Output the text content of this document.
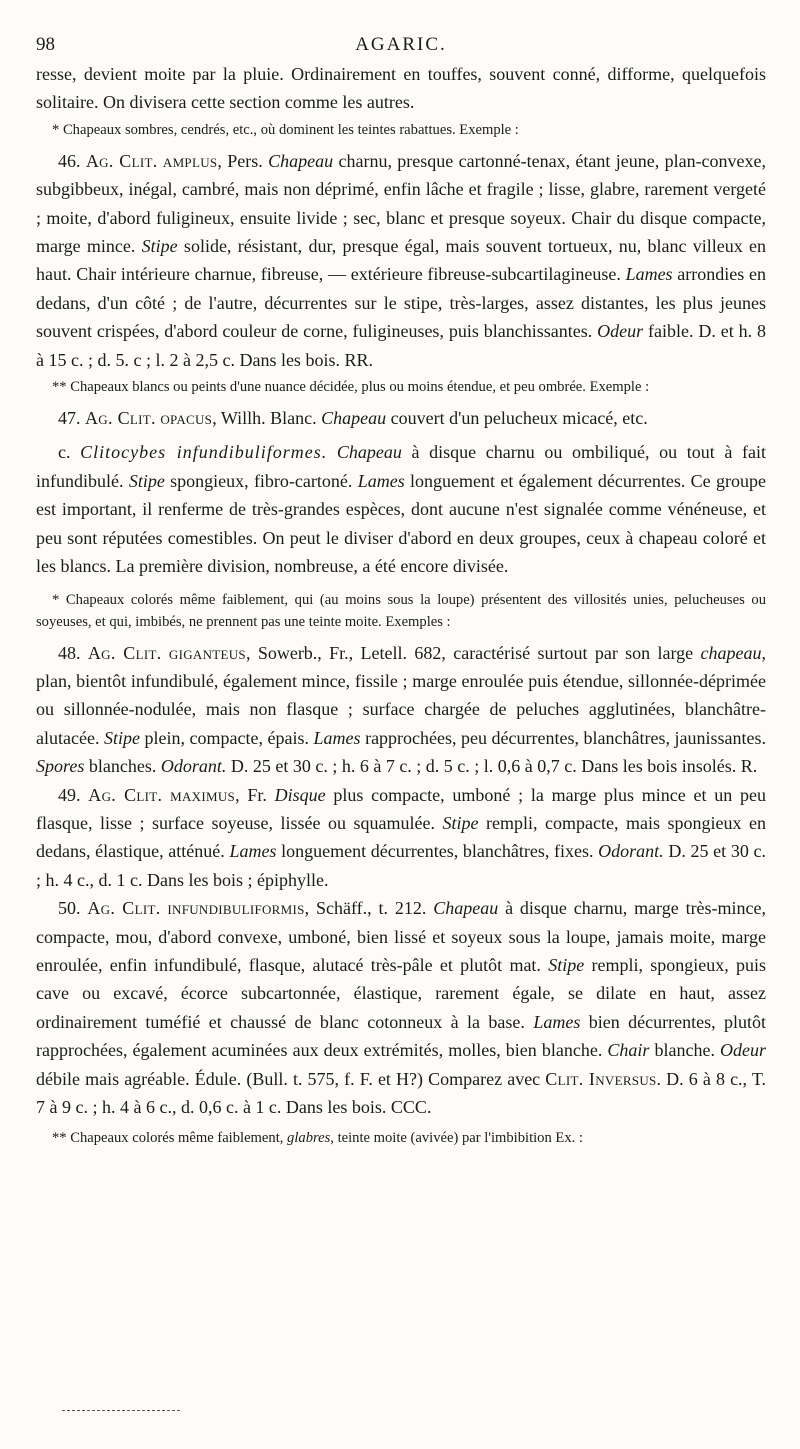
98	AGARIC.

resse, devient moite par la pluie. Ordinairement en touffes, souvent conné, difforme, quelquefois solitaire. On divisera cette section comme les autres.

* Chapeaux sombres, cendrés, etc., où dominent les teintes rabattues. Exemple :

46. Ag. Clit. amplus, Pers. Chapeau charnu, presque cartonné-tenax, étant jeune, plan-convexe, subgibbeux, inégal, cambré, mais non déprimé, enfin lâche et fragile ; lisse, glabre, rarement vergeté ; moite, d'abord fuligineux, ensuite livide ; sec, blanc et presque soyeux. Chair du disque compacte, marge mince. Stipe solide, résistant, dur, presque égal, mais souvent tortueux, nu, blanc villeux en haut. Chair intérieure charnue, fibreuse, — extérieure fibreuse-subcartilagineuse. Lames arrondies en dedans, d'un côté ; de l'autre, décurrentes sur le stipe, très-larges, assez distantes, les plus jeunes souvent crispées, d'abord couleur de corne, fuligineuses, puis blanchissantes. Odeur faible. D. et h. 8 à 15 c. ; d. 5. c ; l. 2 à 2,5 c. Dans les bois. RR.

** Chapeaux blancs ou peints d'une nuance décidée, plus ou moins étendue, et peu ombrée. Exemple :

47. Ag. Clit. opacus, Willh. Blanc. Chapeau couvert d'un pelucheux micacé, etc.

c. Clitocybes infundibuliformes. Chapeau à disque charnu ou ombiliqué, ou tout à fait infundibulé. Stipe spongieux, fibro-cartoné. Lames longuement et également décurrentes. Ce groupe est important, il renferme de très-grandes espèces, dont aucune n'est signalée comme vénéneuse, et peu sont réputées comestibles. On peut le diviser d'abord en deux groupes, ceux à chapeau coloré et les blancs. La première division, nombreuse, a été encore divisée.

* Chapeaux colorés même faiblement, qui (au moins sous la loupe) présentent des villosités unies, pelucheuses ou soyeuses, et qui, imbibés, ne prennent pas une teinte moite. Exemples :

48. Ag. Clit. giganteus, Sowerb., Fr., Letell. 682, caractérisé surtout par son large chapeau, plan, bientôt infundibulé, également mince, fissile ; marge enroulée puis étendue, sillonnée-déprimée ou sillonnée-nodulée, mais non flasque ; surface chargée de peluches agglutinées, blanchâtre-alutacée. Stipe plein, compacte, épais. Lames rapprochées, peu décurrentes, blanchâtres, jaunissantes. Spores blanches. Odorant. D. 25 et 30 c. ; h. 6 à 7 c. ; d. 5 c. ; l. 0,6 à 0,7 c. Dans les bois insolés. R.

49. Ag. Clit. maximus, Fr. Disque plus compacte, umboné ; la marge plus mince et un peu flasque, lisse ; surface soyeuse, lissée ou squamulée. Stipe rempli, compacte, mais spongieux en dedans, élastique, atténué. Lames longuement décurrentes, blanchâtres, fixes. Odorant. D. 25 et 30 c. ; h. 4 c., d. 1 c. Dans les bois ; épiphylle.

50. Ag. Clit. infundibuliformis, Schäff., t. 212. Chapeau à disque charnu, marge très-mince, compacte, mou, d'abord convexe, umboné, bien lissé et soyeux sous la loupe, jamais moite, marge enroulée, enfin infundibulé, flasque, alutacé très-pâle et plutôt mat. Stipe rempli, spongieux, puis cave ou excavé, écorce subcartonnée, élastique, rarement égale, se dilate en haut, assez ordinairement tuméfié et chaussé de blanc cotonneux à la base. Lames bien décurrentes, plutôt rapprochées, également acuminées aux deux extrémités, molles, bien blanche. Chair blanche. Odeur débile mais agréable. Édule. (Bull. t. 575, f. F. et H?) Comparez avec Clit. Inversus. D. 6 à 8 c., T. 7 à 9 c. ; h. 4 à 6 c., d. 0,6 c. à 1 c. Dans les bois. CCC.

** Chapeaux colorés même faiblement, glabres, teinte moite (avivée) par l'imbibition Ex. :
